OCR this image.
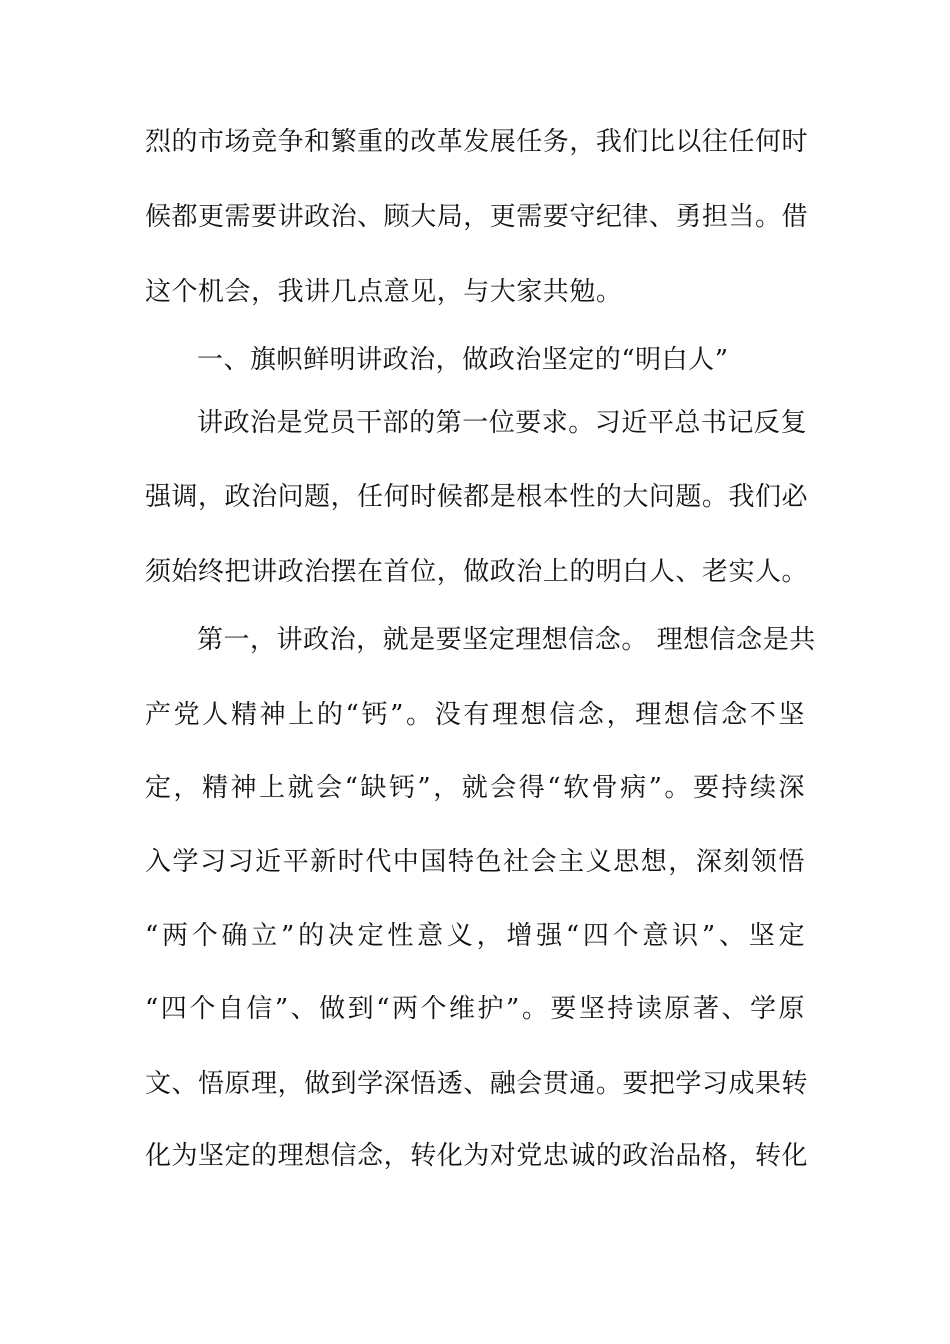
烈的市场竞争和繁重的改革发展任务，我们比以往任何时
候都更需要讲政治、顾大局，更需要守纪律、勇担当。借
这个机会，我讲几点意见，与大家共勉。
一、旗帜鲜明讲政治，做政治坚定的“明白人”
讲政治是党员干部的第一位要求。习近平总书记反复
强调，政治问题，任何时候都是根本性的大问题。我们必
须始终把讲政治摆在首位，做政治上的明白人、老实人。
第一，讲政治，就是要坚定理想信念。 理想信念是共
产党人精神上的“钙”。没有理想信念，理想信念不坚
定，精神上就会“缺钙”，就会得“软骨病”。要持续深
入学习习近平新时代中国特色社会主义思想，深刻领悟
“两个确立”的决定性意义，增强“四个意识”、坚定
“四个自信”、做到“两个维护”。要坚持读原著、学原
文、悟原理，做到学深悟透、融会贯通。要把学习成果转
化为坚定的理想信念，转化为对党忠诚的政治品格，转化
